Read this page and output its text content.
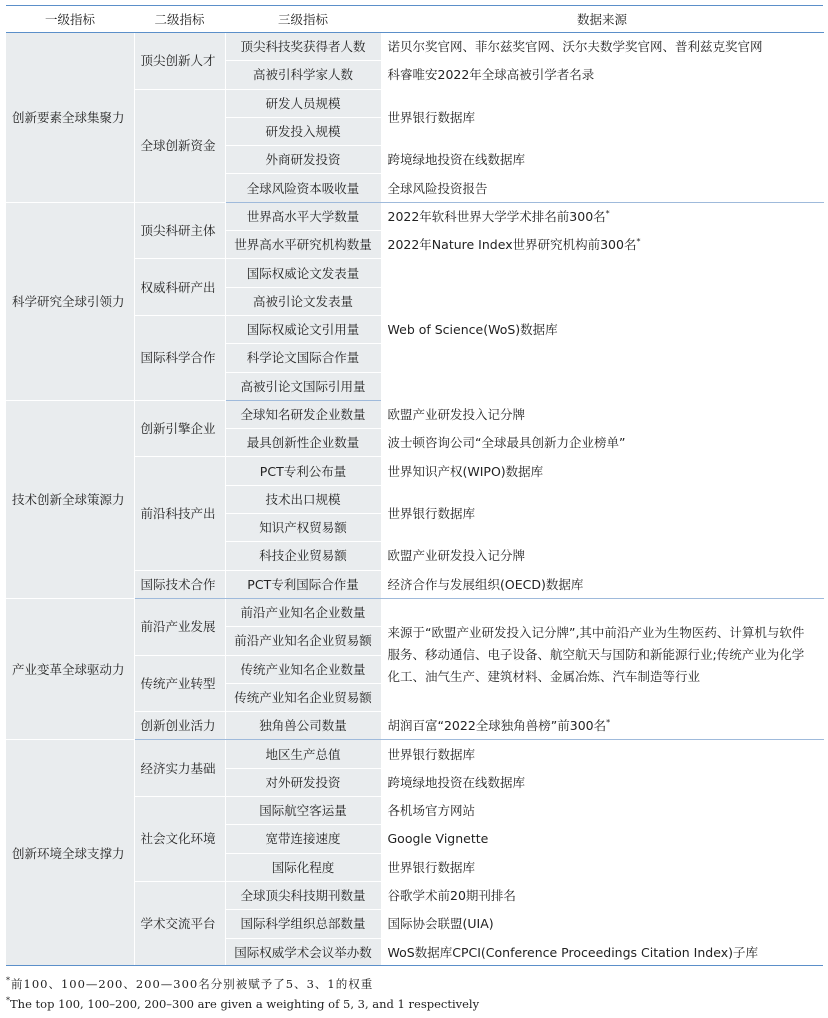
一级指标	二级指标	三级指标	数据来源
创新要素全球集聚力	顶尖创新人才	顶尖科技奖获得者人数	诺贝尔奖官网、菲尔兹奖官网、沃尔夫数学奖官网、普利兹克奖官网
		高被引科学家人数	科睿唯安2022年全球高被引学者名录
	全球创新资金	研发人员规模	世界银行数据库
		研发投入规模	
		外商研发投资	跨境绿地投资在线数据库
		全球风险资本吸收量	全球风险投资报告
科学研究全球引领力	顶尖科研主体	世界高水平大学数量	2022年软科世界大学学术排名前300名*
		世界高水平研究机构数量	2022年Nature Index世界研究机构前300名*
	权威科研产出	国际权威论文发表量	Web of Science(WoS)数据库
		高被引论文发表量	
	国际科学合作	国际权威论文引用量	
		科学论文国际合作量	
		高被引论文国际引用量	
技术创新全球策源力	创新引擎企业	全球知名研发企业数量	欧盟产业研发投入记分牌
		最具创新性企业数量	波士顿咨询公司“全球最具创新力企业榜单”
	前沿科技产出	PCT专利公布量	世界知识产权(WIPO)数据库
		技术出口规模	世界银行数据库
		知识产权贸易额	
		科技企业贸易额	欧盟产业研发投入记分牌
	国际技术合作	PCT专利国际合作量	经济合作与发展组织(OECD)数据库
产业变革全球驱动力	前沿产业发展	前沿产业知名企业数量	来源于“欧盟产业研发投入记分牌”,其中前沿产业为生物医药、计算机与软件服务、移动通信、电子设备、航空航天与国防和新能源行业;传统产业为化学化工、油气生产、建筑材料、金属冶炼、汽车制造等行业
		前沿产业知名企业贸易额	
	传统产业转型	传统产业知名企业数量	
		传统产业知名企业贸易额	
	创新创业活力	独角兽公司数量	胡润百富“2022全球独角兽榜”前300名*
创新环境全球支撑力	经济实力基础	地区生产总值	世界银行数据库
		对外研发投资	跨境绿地投资在线数据库
	社会文化环境	国际航空客运量	各机场官方网站
		宽带连接速度	Google Vignette
		国际化程度	世界银行数据库
	学术交流平台	全球顶尖科技期刊数量	谷歌学术前20期刊排名
		国际科学组织总部数量	国际协会联盟(UIA)
		国际权威学术会议举办数	WoS数据库CPCI(Conference Proceedings Citation Index)子库
*前100、100—200、200—300名分别被赋予了5、3、1的权重
*The top 100, 100–200, 200–300 are given a weighting of 5, 3, and 1 respectively
